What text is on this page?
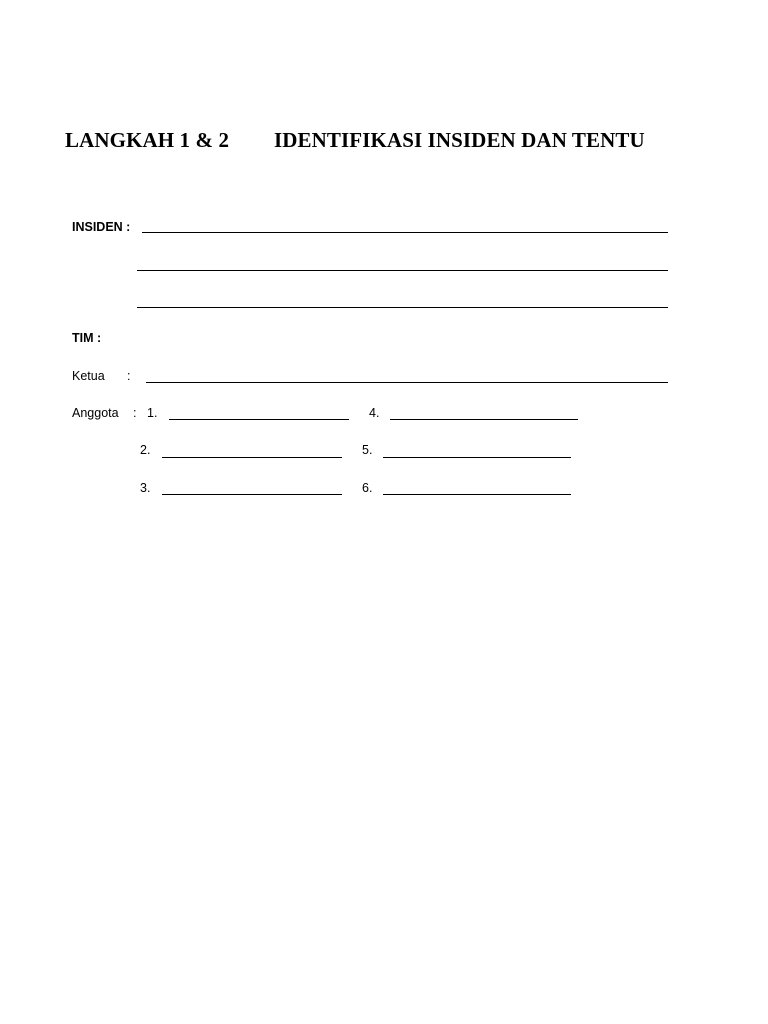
LANGKAH 1 & 2 IDENTIFIKASI INSIDEN DAN TENTU
INSIDEN :
TIM :
Ketua :
Anggota : 1.	4.
2.	5.
3.	6.
